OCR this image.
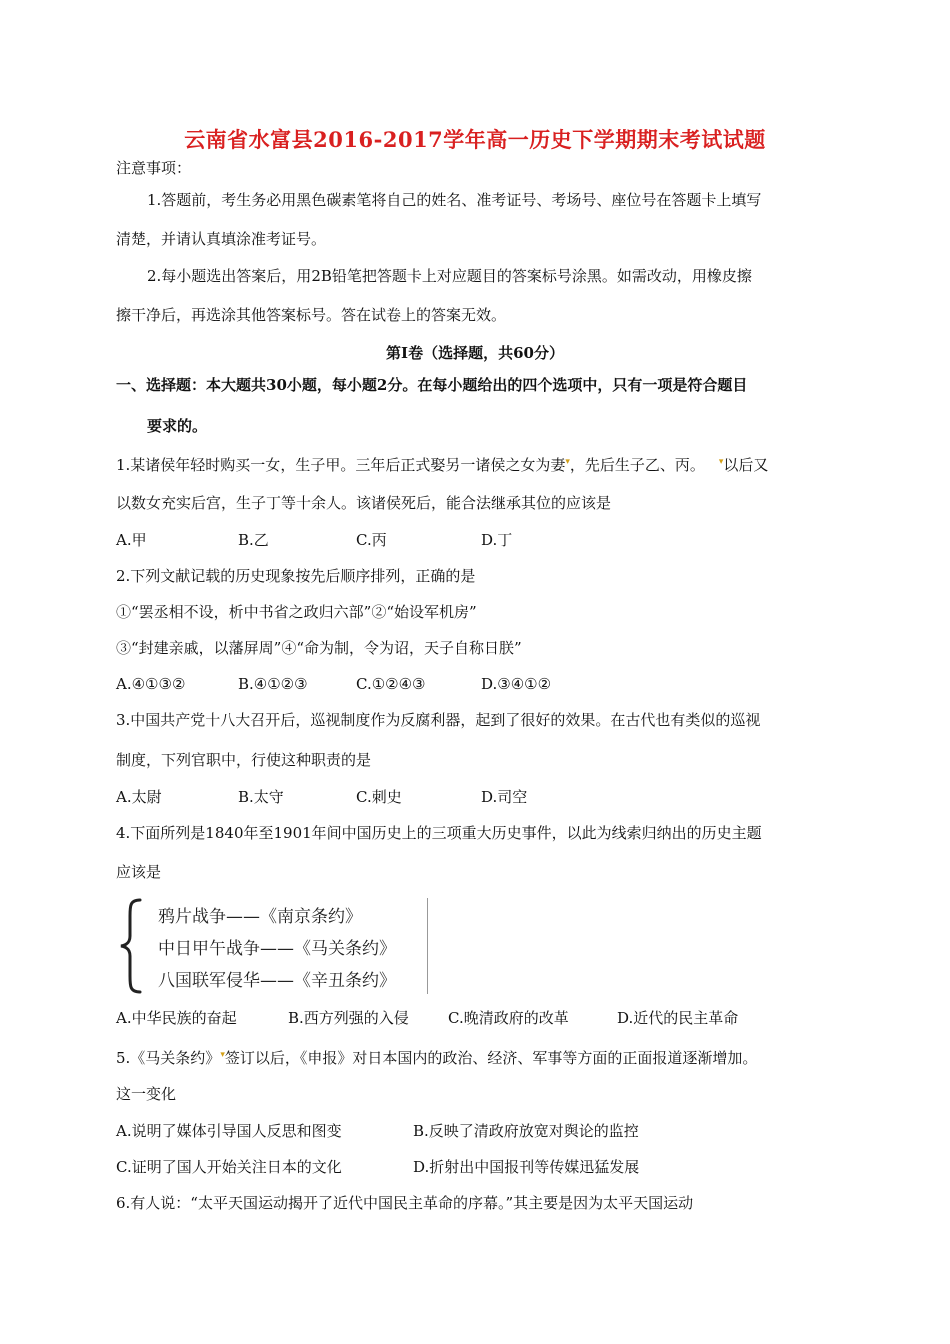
云南省水富县2016-2017学年高一历史下学期期末考试试题
注意事项：
1.答题前，考生务必用黑色碳素笔将自己的姓名、准考证号、考场号、座位号在答题卡上填写
清楚，并请认真填涂准考证号。
2.每小题选出答案后，用2B铅笔把答题卡上对应题目的答案标号涂黑。如需改动，用橡皮擦
擦干净后，再选涂其他答案标号。答在试卷上的答案无效。
第Ⅰ卷（选择题，共60分）
一、选择题：本大题共30小题，每小题2分。在每小题给出的四个选项中，只有一项是符合题目
要求的。
1.某诸侯年轻时购买一女，生子甲。三年后正式娶另一诸侯之女为妻▾，先后生子乙、丙。 ▾以后又
以数女充实后宫，生子丁等十余人。该诸侯死后，能合法继承其位的应该是
A.甲	B.乙	C.丙	D.丁
2.下列文献记载的历史现象按先后顺序排列，正确的是
①“罢丞相不设，析中书省之政归六部”②“始设军机房”
③“封建亲戚，以藩屏周”④“命为制，令为诏，天子自称日朕”
A.④①③②	B.④①②③	C.①②④③	D.③④①②
3.中国共产党十八大召开后，巡视制度作为反腐利器，起到了很好的效果。在古代也有类似的巡视
制度，下列官职中，行使这种职责的是
A.太尉	B.太守	C.刺史	D.司空
4.下面所列是1840年至1901年间中国历史上的三项重大历史事件，以此为线索归纳出的历史主题
应该是
鸦片战争——《南京条约》
中日甲午战争——《马关条约》
八国联军侵华——《辛丑条约》
A.中华民族的奋起	B.西方列强的入侵	C.晚清政府的改革	D.近代的民主革命
5.《马关条约》▾签订以后，《申报》对日本国内的政治、经济、军事等方面的正面报道逐渐增加。
这一变化
A.说明了媒体引导国人反思和图变	B.反映了清政府放宽对舆论的监控
C.证明了国人开始关注日本的文化	D.折射出中国报刊等传媒迅猛发展
6.有人说：“太平天国运动揭开了近代中国民主革命的序幕。”其主要是因为太平天国运动
